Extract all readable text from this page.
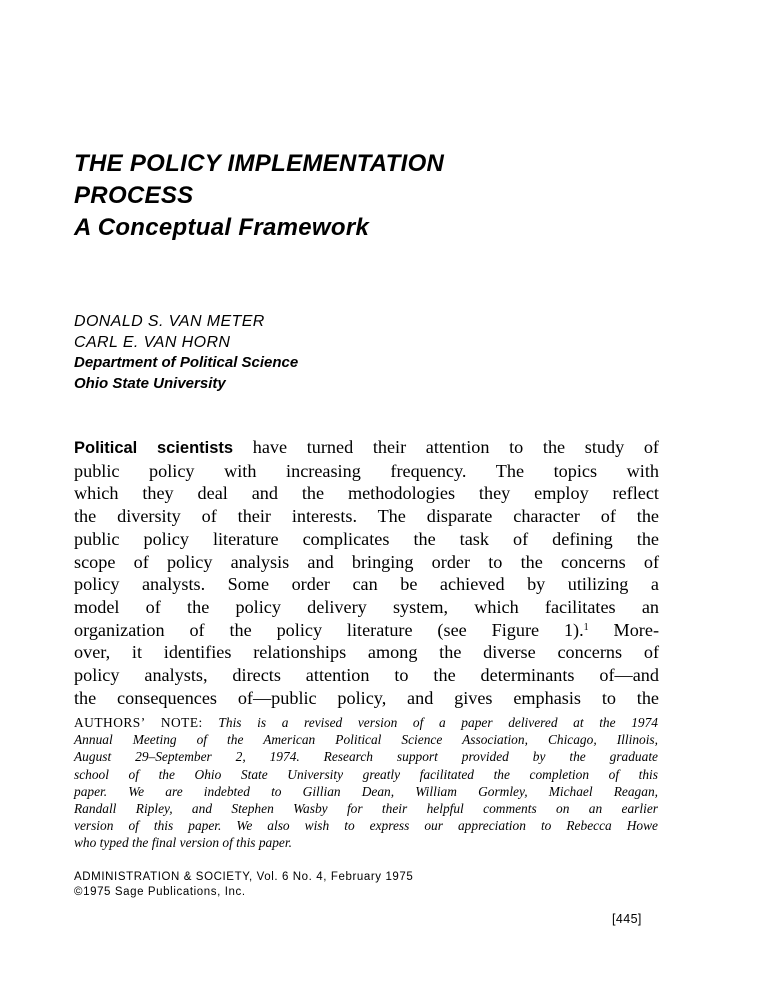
THE POLICY IMPLEMENTATION
PROCESS
A Conceptual Framework
DONALD S. VAN METER
CARL E. VAN HORN
Department of Political Science
Ohio State University
Political scientists have turned their attention to the study of
public policy with increasing frequency. The topics with
which they deal and the methodologies they employ reflect
the diversity of their interests. The disparate character of the
public policy literature complicates the task of defining the
scope of policy analysis and bringing order to the concerns of
policy analysts. Some order can be achieved by utilizing a
model of the policy delivery system, which facilitates an
organization of the policy literature (see Figure 1).$^1$ More-
over, it identifies relationships among the diverse concerns of
policy analysts, directs attention to the determinants of—and
the consequences of—public policy, and gives emphasis to the
AUTHORS’ NOTE: This is a revised version of a paper delivered at the 1974
Annual Meeting of the American Political Science Association, Chicago, Illinois,
August 29–September 2, 1974. Research support provided by the graduate
school of the Ohio State University greatly facilitated the completion of this
paper. We are indebted to Gillian Dean, William Gormley, Michael Reagan,
Randall Ripley, and Stephen Wasby for their helpful comments on an earlier
version of this paper. We also wish to express our appreciation to Rebecca Howe
who typed the final version of this paper.
ADMINISTRATION & SOCIETY, Vol. 6 No. 4, February 1975
©1975 Sage Publications, Inc.
[445]
